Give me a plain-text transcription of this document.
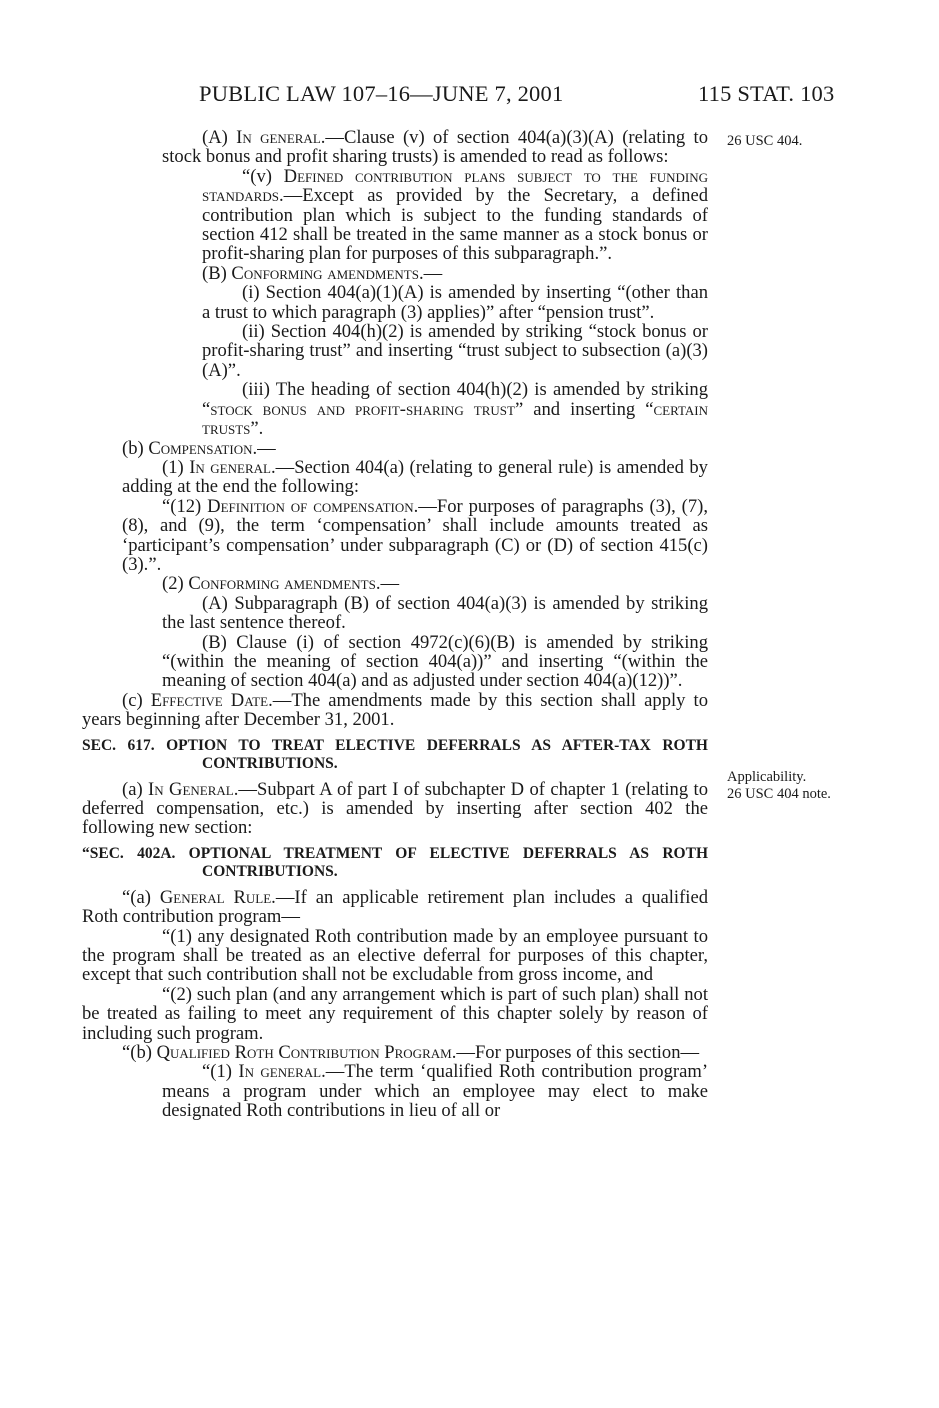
PUBLIC LAW 107–16—JUNE 7, 2001	115 STAT. 103
26 USC 404.
Applicability.
26 USC 404 note.

(A) In general.—Clause (v) of section 404(a)(3)(A) (relating to stock bonus and profit sharing trusts) is amended to read as follows:

“(v) Defined contribution plans subject to the funding standards.—Except as provided by the Secretary, a defined contribution plan which is subject to the funding standards of section 412 shall be treated in the same manner as a stock bonus or profit-sharing plan for purposes of this subparagraph.”.

(B) Conforming amendments.—

(i) Section 404(a)(1)(A) is amended by inserting “(other than a trust to which paragraph (3) applies)” after “pension trust”.

(ii) Section 404(h)(2) is amended by striking “stock bonus or profit-sharing trust” and inserting “trust subject to subsection (a)(3)(A)”.

(iii) The heading of section 404(h)(2) is amended by striking “stock bonus and profit-sharing trust” and inserting “certain trusts”.

(b) Compensation.—

(1) In general.—Section 404(a) (relating to general rule) is amended by adding at the end the following:

“(12) Definition of compensation.—For purposes of paragraphs (3), (7), (8), and (9), the term ‘compensation’ shall include amounts treated as ‘participant’s compensation’ under subparagraph (C) or (D) of section 415(c)(3).”.

(2) Conforming amendments.—

(A) Subparagraph (B) of section 404(a)(3) is amended by striking the last sentence thereof.

(B) Clause (i) of section 4972(c)(6)(B) is amended by striking “(within the meaning of section 404(a))” and inserting “(within the meaning of section 404(a) and as adjusted under section 404(a)(12))”.

(c) Effective Date.—The amendments made by this section shall apply to years beginning after December 31, 2001.

SEC. 617. OPTION TO TREAT ELECTIVE DEFERRALS AS AFTER-TAX ROTH CONTRIBUTIONS.

(a) In General.—Subpart A of part I of subchapter D of chapter 1 (relating to deferred compensation, etc.) is amended by inserting after section 402 the following new section:

“SEC. 402A. OPTIONAL TREATMENT OF ELECTIVE DEFERRALS AS ROTH CONTRIBUTIONS.

“(a) General Rule.—If an applicable retirement plan includes a qualified Roth contribution program—

“(1) any designated Roth contribution made by an employee pursuant to the program shall be treated as an elective deferral for purposes of this chapter, except that such contribution shall not be excludable from gross income, and

“(2) such plan (and any arrangement which is part of such plan) shall not be treated as failing to meet any requirement of this chapter solely by reason of including such program.

“(b) Qualified Roth Contribution Program.—For purposes of this section—

“(1) In general.—The term ‘qualified Roth contribution program’ means a program under which an employee may elect to make designated Roth contributions in lieu of all or
